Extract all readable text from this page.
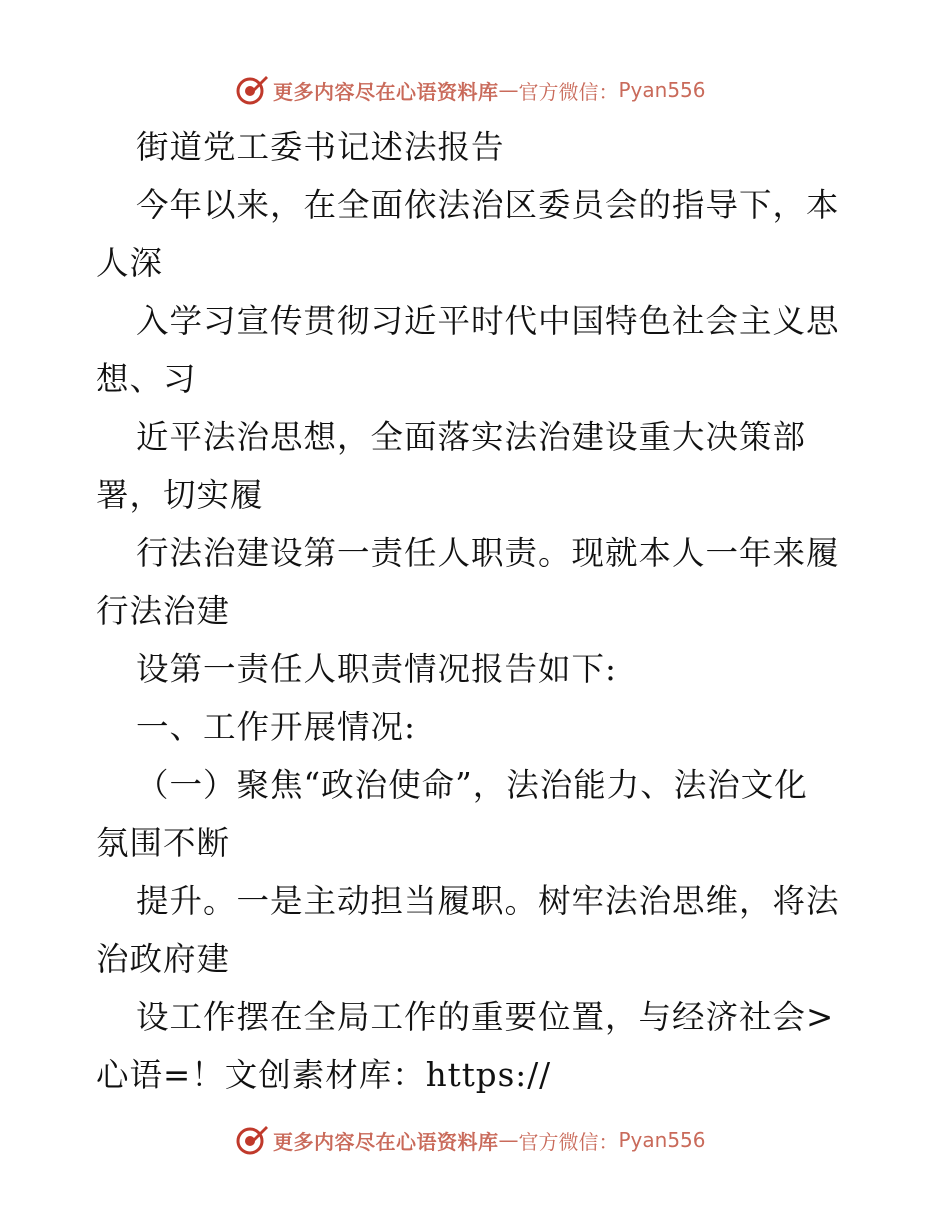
更多内容尽在心语资料库 — 官方微信： Pyan556
街道党工委书记述法报告
今年以来，在全面依法治区委员会的指导下，本
人深
入学习宣传贯彻习近平时代中国特色社会主义思
想、习
近平法治思想，全面落实法治建设重大决策部
署，切实履
行法治建设第一责任人职责。现就本人一年来履
行法治建
设第一责任人职责情况报告如下:
一、工作开展情况:
（一）聚焦“政治使命”，法治能力、法治文化
氛围不断
提升。一是主动担当履职。树牢法治思维，将法
治政府建
设工作摆在全局工作的重要位置，与经济社会>
心语=！文创素材库：https://
更多内容尽在心语资料库 — 官方微信： Pyan556
